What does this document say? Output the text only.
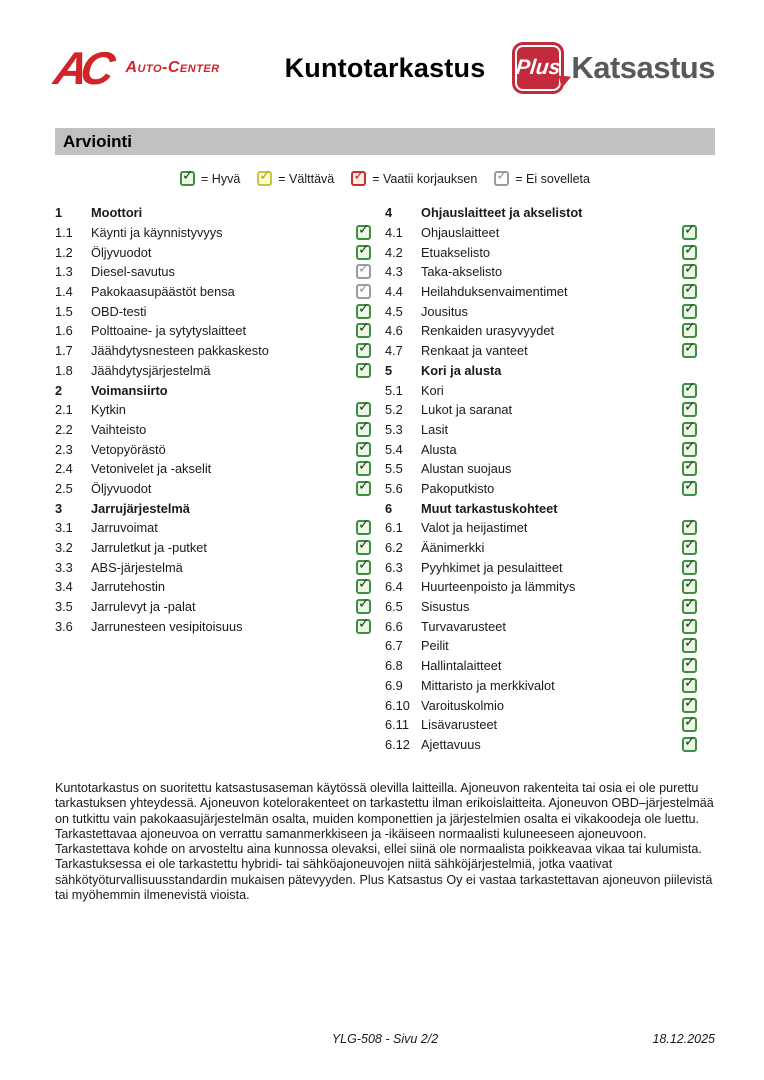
AC Auto-Center Kuntotarkastus Plus Katsastus
Arviointi
✓
= Hyvä ✓	= Välttävä ✓	= Vaatii korjauksen ✓	= Ei sovelleta
1	Moottori
1.1	Käynti ja käynnistyvyys
✓
1.2	Öljyvuodot
✓
1.3	Diesel-savutus
✓
1.4	Pakokaasupäästöt bensa
✓
1.5	OBD-testi
✓
1.6	Polttoaine- ja sytytyslaitteet
✓
1.7	Jäähdytysnesteen pakkaskesto
✓
1.8	Jäähdytysjärjestelmä
✓
2	Voimansiirto
2.1	Kytkin
✓
2.2	Vaihteisto
✓
2.3	Vetopyörästö
✓
2.4	Vetonivelet ja -akselit
✓
2.5	Öljyvuodot
✓
3	Jarrujärjestelmä
3.1	Jarruvoimat
✓
3.2	Jarruletkut ja -putket
✓
3.3	ABS-järjestelmä
✓
3.4	Jarrutehostin
✓
3.5	Jarrulevyt ja -palat
✓
3.6	Jarrunesteen vesipitoisuus
✓
4	Ohjauslaitteet ja akselistot
4.1	Ohjauslaitteet
✓
4.2	Etuakselisto
✓
4.3	Taka-akselisto
✓
4.4	Heilahduksenvaimentimet
✓
4.5	Jousitus
✓
4.6	Renkaiden urasyvyydet
✓
4.7	Renkaat ja vanteet
✓
5	Kori ja alusta
5.1	Kori
✓
5.2	Lukot ja saranat
✓
5.3	Lasit
✓
5.4	Alusta
✓
5.5	Alustan suojaus
✓
5.6	Pakoputkisto
✓
6	Muut tarkastuskohteet
6.1	Valot ja heijastimet
✓
6.2	Äänimerkki
✓
6.3	Pyyhkimet ja pesulaitteet
✓
6.4	Huurteenpoisto ja lämmitys
✓
6.5	Sisustus
✓
6.6	Turvavarusteet
✓
6.7	Peilit
✓
6.8	Hallintalaitteet
✓
6.9	Mittaristo ja merkkivalot
✓
6.10 Varoituskolmio
✓
6.11 Lisävarusteet
✓
6.12 Ajettavuus
✓
Kuntotarkastus on suoritettu katsastusaseman käytössä olevilla laitteilla. Ajoneuvon rakenteita tai osia ei ole purettu tarkastuksen yhteydessä. Ajoneuvon kotelorakenteet on tarkastettu ilman erikoislaitteita. Ajoneuvon OBD–järjestelmää on tutkittu vain pakokaasujärjestelmän osalta, muiden komponettien ja järjestelmien osalta ei vikakoodeja ole luettu. Tarkastettavaa ajoneuvoa on verrattu samanmerkkiseen ja -ikäiseen normaalisti kuluneeseen ajoneuvoon. Tarkastettava kohde on arvosteltu aina kunnossa olevaksi, ellei siinä ole normaalista poikkeavaa vikaa tai kulumista. Tarkastuksessa ei ole tarkastettu hybridi- tai sähköajoneuvojen niitä sähköjärjestelmiä, jotka vaativat sähkötyöturvallisuusstandardin mukaisen pätevyyden. Plus Katsastus Oy ei vastaa tarkastettavan ajoneuvon piilevistä tai myöhemmin ilmenevistä vioista.
YLG-508 - Sivu 2/2	18.12.2025
